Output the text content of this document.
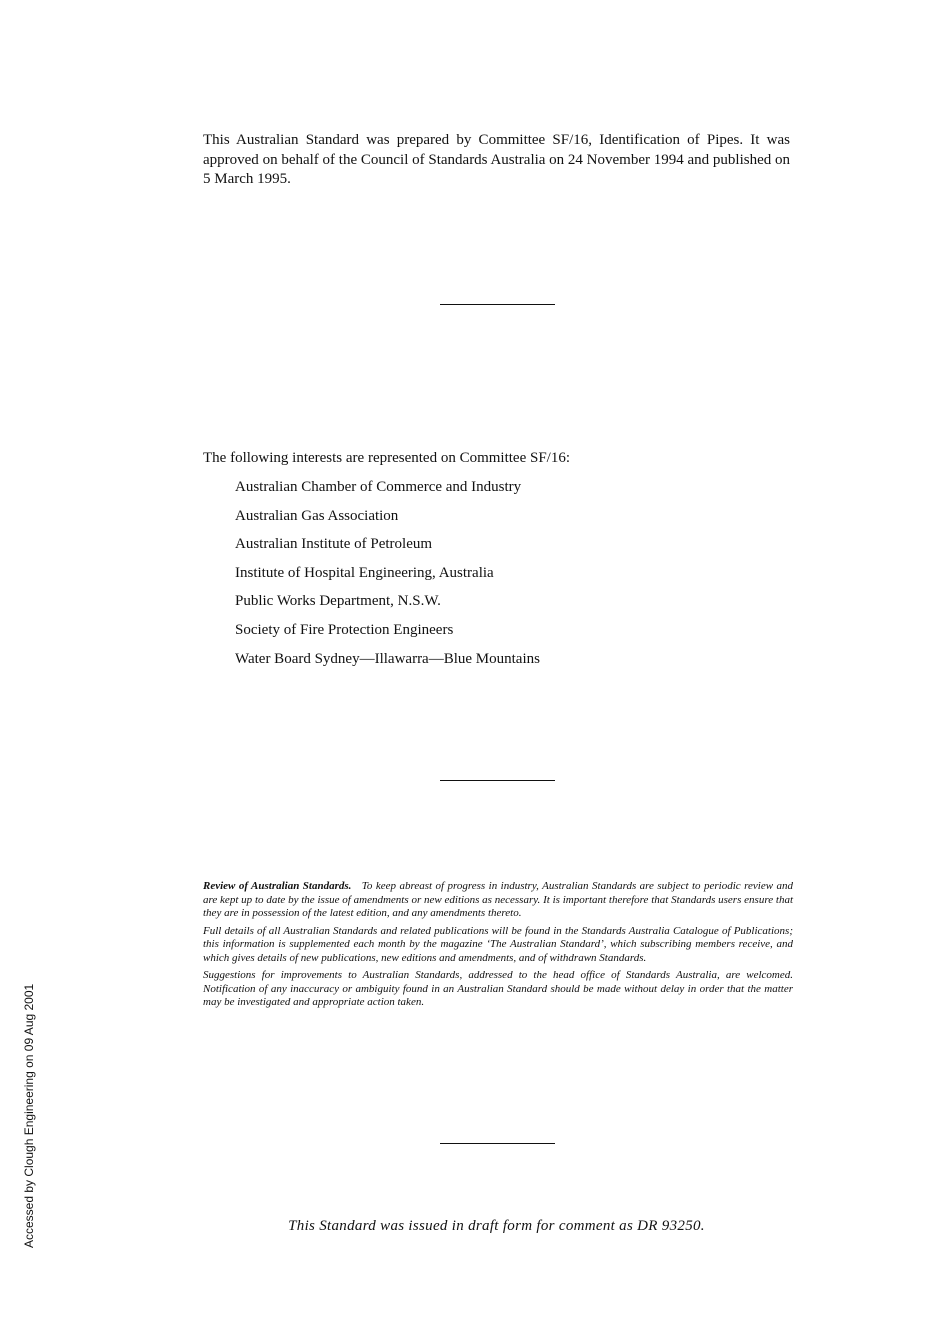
This Australian Standard was prepared by Committee SF/16, Identification of Pipes. It was approved on behalf of the Council of Standards Australia on 24 November 1994 and published on 5 March 1995.

The following interests are represented on Committee SF/16:

Australian Chamber of Commerce and Industry
Australian Gas Association
Australian Institute of Petroleum
Institute of Hospital Engineering, Australia
Public Works Department, N.S.W.
Society of Fire Protection Engineers
Water Board Sydney—Illawarra—Blue Mountains

Review of Australian Standards. To keep abreast of progress in industry, Australian Standards are subject to periodic review and are kept up to date by the issue of amendments or new editions as necessary. It is important therefore that Standards users ensure that they are in possession of the latest edition, and any amendments thereto.

Full details of all Australian Standards and related publications will be found in the Standards Australia Catalogue of Publications; this information is supplemented each month by the magazine ‘The Australian Standard’, which subscribing members receive, and which gives details of new publications, new editions and amendments, and of withdrawn Standards.

Suggestions for improvements to Australian Standards, addressed to the head office of Standards Australia, are welcomed. Notification of any inaccuracy or ambiguity found in an Australian Standard should be made without delay in order that the matter may be investigated and appropriate action taken.

This Standard was issued in draft form for comment as DR 93250.
Accessed by Clough Engineering on 09 Aug 2001
